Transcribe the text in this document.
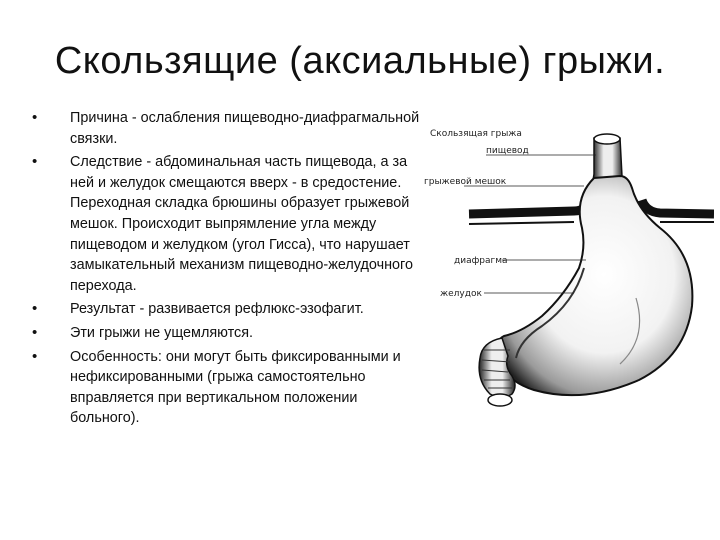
Скользящие (аксиальные) грыжи.
• Причина - ослабления пищеводно-диафрагмальной связки.
• Следствие - абдоминальная часть пищевода, а за ней и желудок смещаются вверх - в средостение. Переходная складка брюшины образует грыжевой мешок. Происходит выпрямление угла между пищеводом и желудком (угол Гисса), что нарушает замыкательный механизм пищеводно-желудочного перехода.
• Результат - развивается рефлюкс-эзофагит.
• Эти грыжи не ущемляются.
• Особенность: они могут быть фиксированными и нефиксированными (грыжа самостоятельно вправляется при вертикальном положении больного).
Скользящая грыжа
пищевод
грыжевой мешок
диафрагма
желудок
